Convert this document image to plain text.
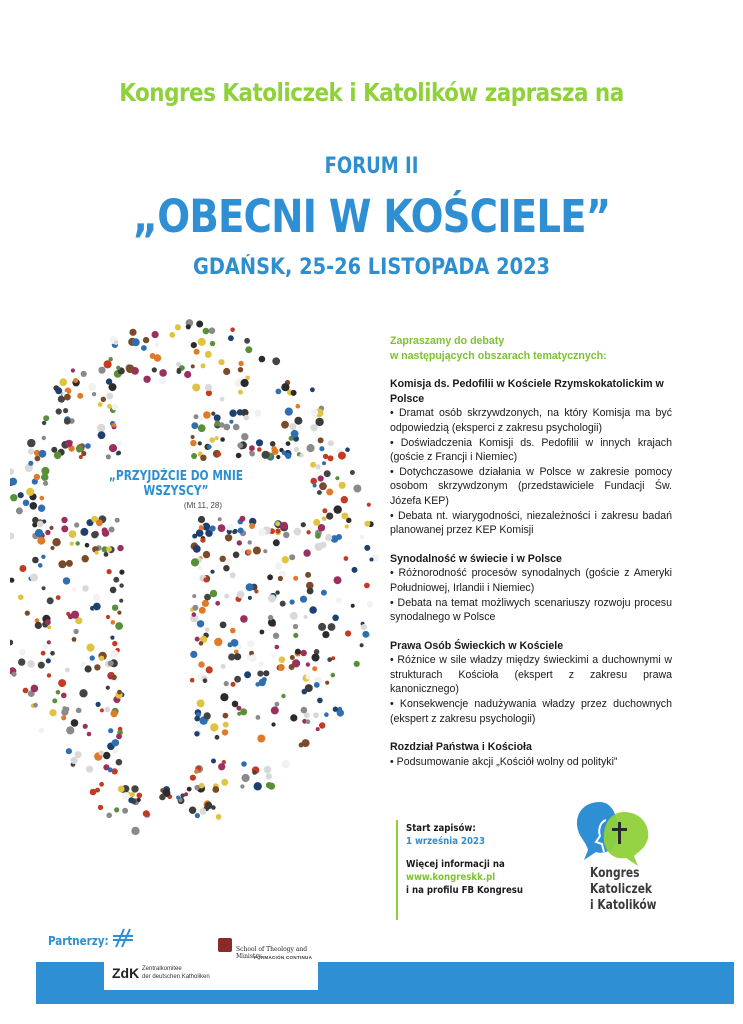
Kongres Katoliczek i Katolików zaprasza na
FORUM II
„OBECNI W KOŚCIELE”
GDAŃSK, 25-26 LISTOPADA 2023
„PRZYJDŹCIE DO MNIE WSZYSCY”
(Mt 11, 28)

Zapraszamy do debaty
w następujących obszarach tematycznych:

Komisja ds. Pedofilii w Kościele Rzymskokatolickim w Polsce

• Dramat osób skrzywdzonych, na który Komisja ma być odpowiedzią (eksperci z zakresu psychologii)
• Doświadczenia Komisji ds. Pedofilii w innych krajach (goście z Francji i Niemiec)
• Dotychczasowe działania w Polsce w zakresie pomocy osobom skrzywdzonym (przedstawiciele Fundacji Św. Józefa KEP)
• Debata nt. wiarygodności, niezależności i zakresu badań planowanej przez KEP Komisji

Synodalność w świecie i w Polsce

• Różnorodność procesów synodalnych (goście z Ameryki Południowej, Irlandii i Niemiec)
• Debata na temat możliwych scenariuszy rozwoju procesu synodalnego w Polsce

Prawa Osób Świeckich w Kościele

• Różnice w sile władzy między świeckimi a duchownymi w strukturach Kościoła (ekspert z zakresu prawa kanonicznego)
• Konsekwencje nadużywania władzy przez duchownych (ekspert z zakresu psychologii)

Rozdział Państwa i Kościoła

• Podsumowanie akcji „Kościół wolny od polityki”

Start zapisów:

1 września 2023

Więcej informacji na

www.kongreskk.pl

i na profilu FB Kongresu

Kongres
Katoliczek
i Katolików
Partnerzy:
ZdK Zentralkomitee
der deutschen Katholiken
School of Theology and Ministry
FORMACIÓN CONTINUA
